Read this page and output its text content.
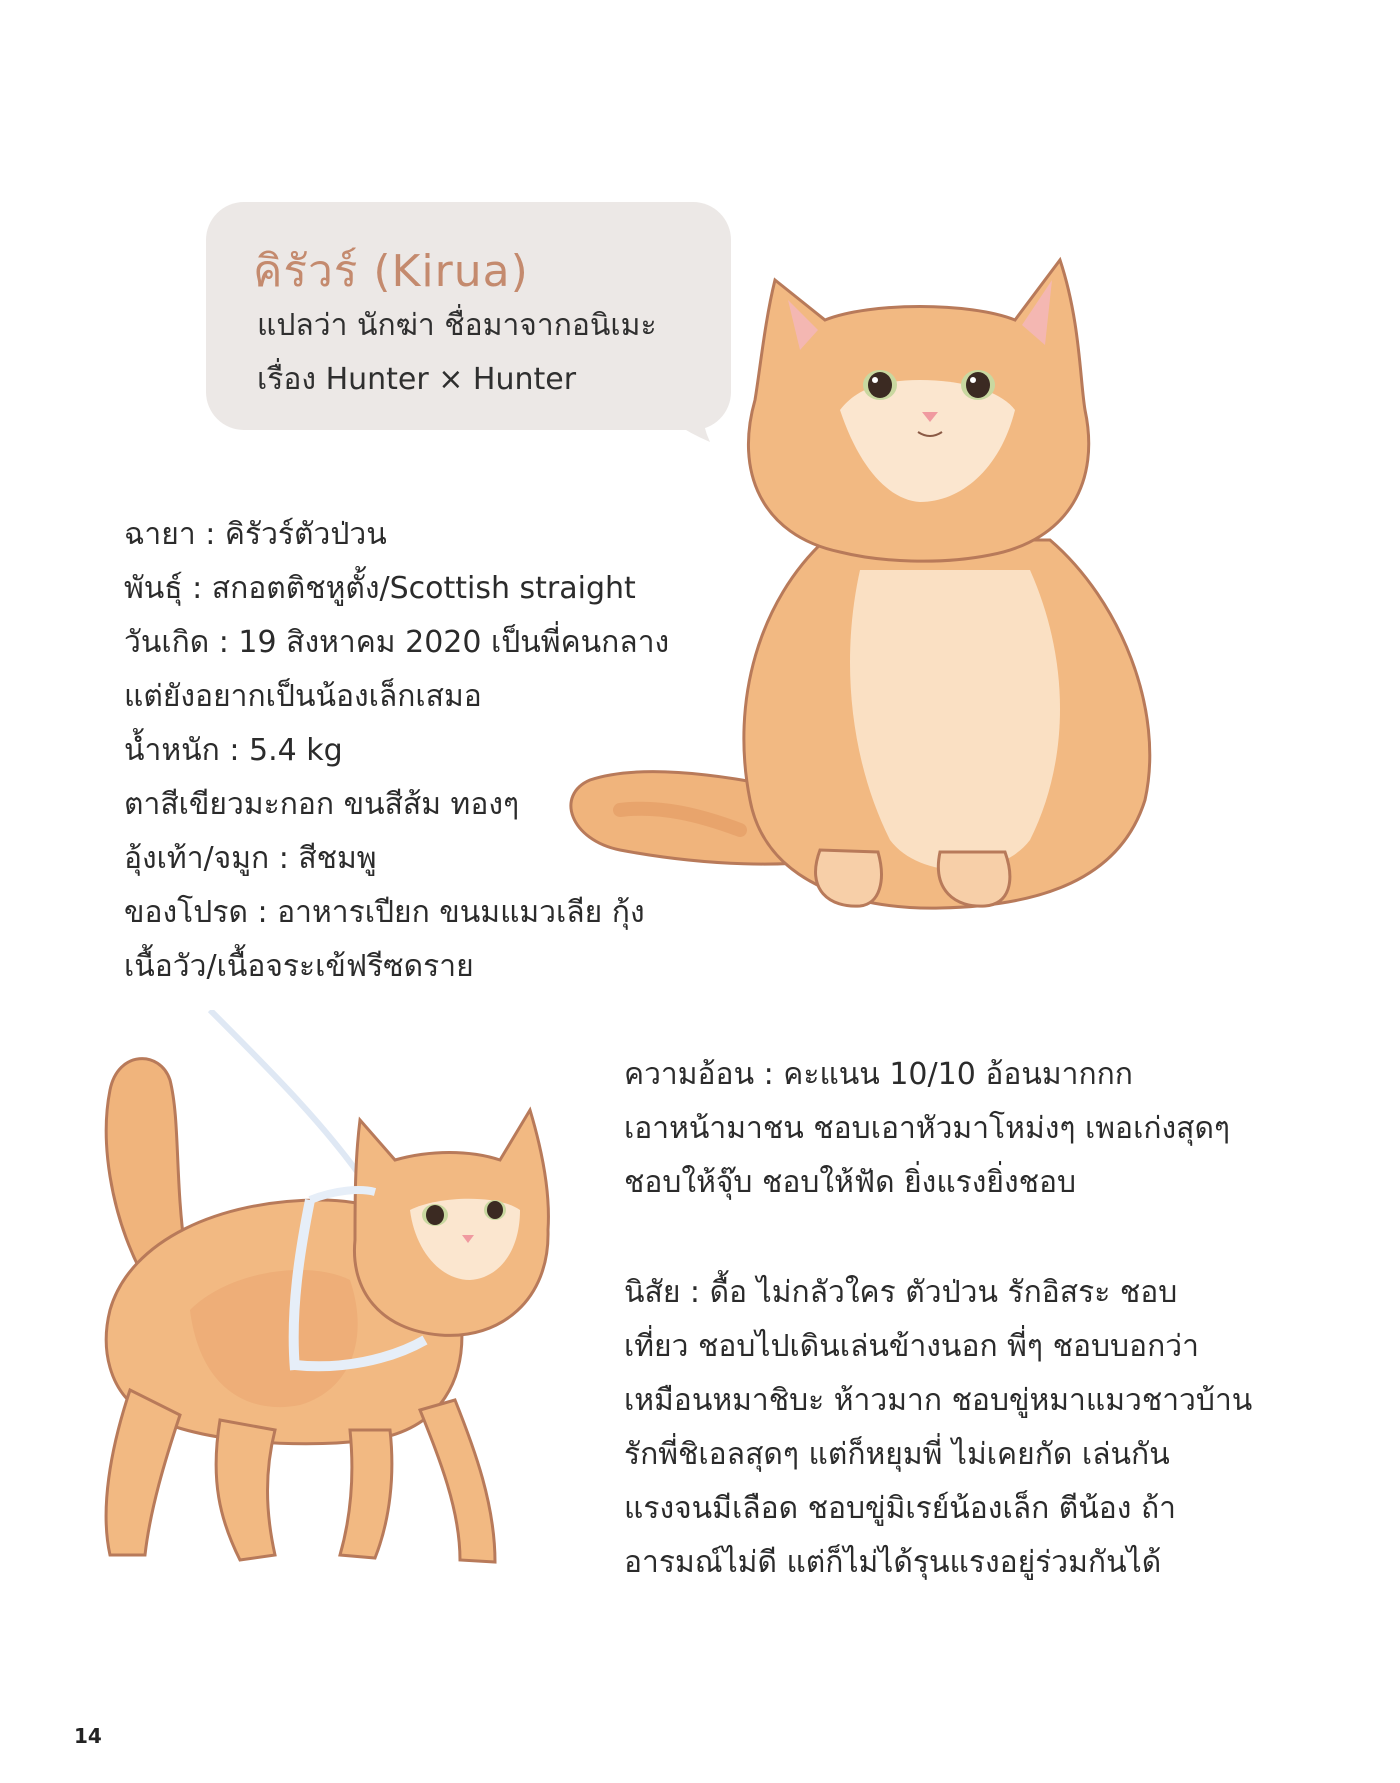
คิรัวร์ (Kirua)
แปลว่า นักฆ่า ชื่อมาจากอนิเมะ
เรื่อง Hunter × Hunter
ฉายา : คิรัวร์ตัวป่วน
พันธุ์ : สกอตติชหูตั้ง/Scottish straight
วันเกิด : 19 สิงหาคม 2020 เป็นพี่คนกลาง
แต่ยังอยากเป็นน้องเล็กเสมอ
น้ำหนัก : 5.4 kg
ตาสีเขียวมะกอก ขนสีส้ม ทองๆ
อุ้งเท้า/จมูก : สีชมพู
ของโปรด : อาหารเปียก ขนมแมวเลีย กุ้ง
เนื้อวัว/เนื้อจระเข้ฟรีซดราย
ความอ้อน : คะแนน 10/10 อ้อนมากกก
เอาหน้ามาชน ชอบเอาหัวมาโหม่งๆ เพอเก่งสุดๆ
ชอบให้จุ๊บ ชอบให้ฟัด ยิ่งแรงยิ่งชอบ
นิสัย : ดื้อ ไม่กลัวใคร ตัวป่วน รักอิสระ ชอบ
เที่ยว ชอบไปเดินเล่นข้างนอก พี่ๆ ชอบบอกว่า
เหมือนหมาชิบะ ห้าวมาก ชอบขู่หมาแมวชาวบ้าน
รักพี่ชิเอลสุดๆ แต่ก็หยุมพี่ ไม่เคยกัด เล่นกัน
แรงจนมีเลือด ชอบขู่มิเรย์น้องเล็ก ตีน้อง ถ้า
อารมณ์ไม่ดี แต่ก็ไม่ได้รุนแรงอยู่ร่วมกันได้
14
